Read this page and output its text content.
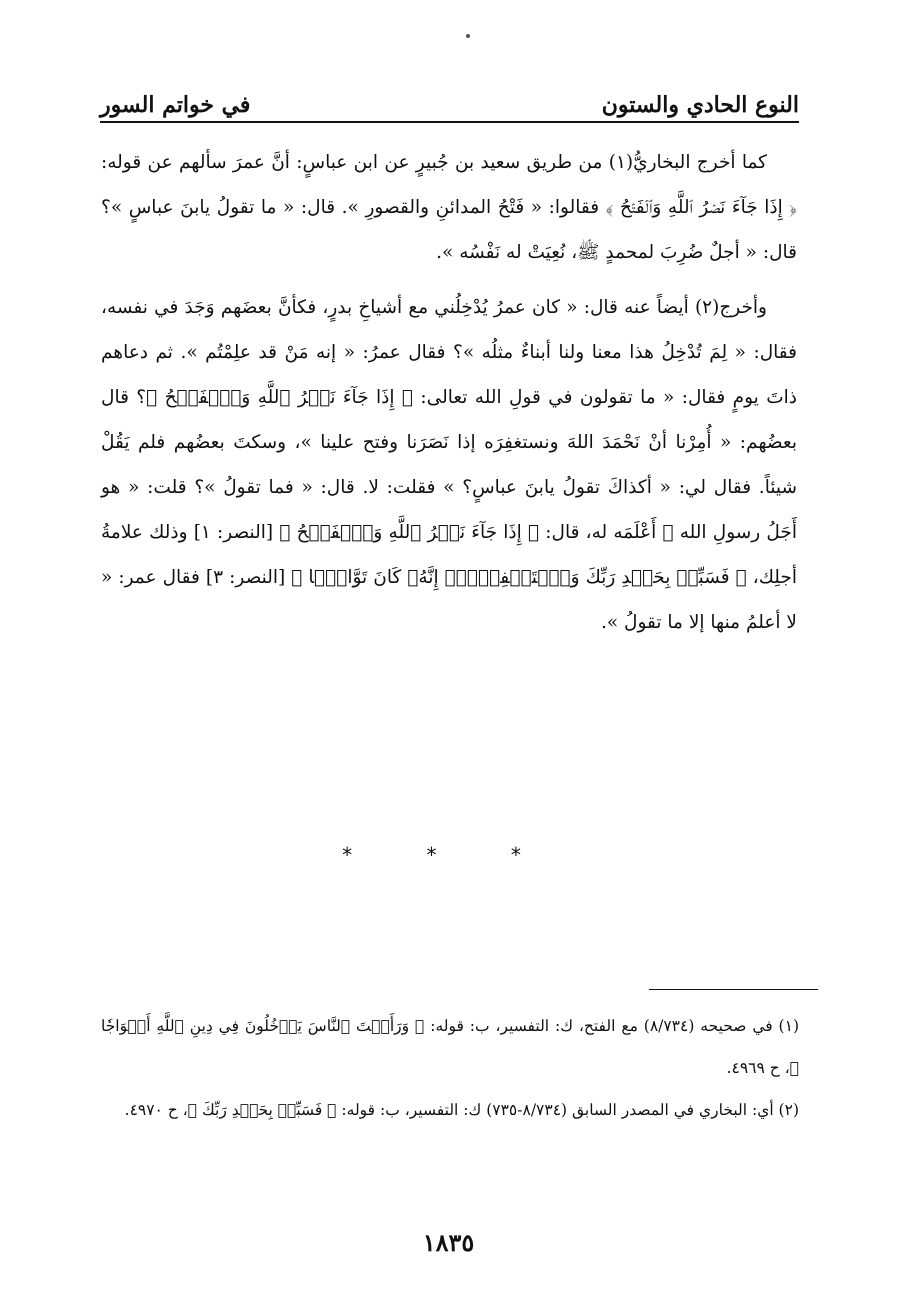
النوع الحادي والستون
في خواتم السور

كما أخرج البخاريُّ(١) من طريق سعيد بن جُبيرٍ عن ابن عباسٍ: أنَّ عمرَ سألهم عن قوله: ﴿ إِذَا جَآءَ نَصۡرُ ٱللَّهِ وَٱلۡفَتۡحُ ﴾ فقالوا: « فَتْحُ المدائنِ والقصورِ ». قال: « ما تقولُ يابنَ عباسٍ »؟ قال: « أجلٌ ضُرِبَ لمحمدٍ ﷺ، نُعِيَتْ له نَفْسُه ».

وأخرج(٢) أيضاً عنه قال: « كان عمرُ يُدْخِلُني مع أشياخِ بدرٍ، فكأنَّ بعضَهم وَجَدَ في نفسه، فقال: « لِمَ تُدْخِلُ هذا معنا ولنا أبناءٌ مثلُه »؟ فقال عمرُ: « إنه مَنْ قد علِمْتُم ». ثم دعاهم ذاتَ يومٍ فقال: « ما تقولون في قولِ الله تعالى: ﴿ إِذَا جَآءَ نَصۡرُ ٱللَّهِ وَٱلۡفَتۡحُ ﴾؟ قال بعضُهم: « أُمِرْنا أنْ نَحْمَدَ اللهَ ونستغفِرَه إذا نَصَرَنا وفتح علينا »، وسكتَ بعضُهم فلم يَقُلْ شيئاً. فقال لي: « أكذاكَ تقولُ يابنَ عباسٍ؟ » فقلت: لا. قال: « فما تقولُ »؟ قلت: « هو أَجَلُ رسولِ الله ﷺ أَعْلَمَه له، قال: ﴿ إِذَا جَآءَ نَصۡرُ ٱللَّهِ وَٱلۡفَتۡحُ ﴾ [النصر: ١] وذلك علامةُ أجلِك، ﴿ فَسَبِّحۡ بِحَمۡدِ رَبِّكَ وَٱسۡتَغۡفِرۡهُۚ إِنَّهُۥ كَانَ تَوَّابَۢا ﴾ [النصر: ٣] فقال عمر: « لا أعلمُ منها إلا ما تقولُ ».

* * *

(١) في صحيحه (٨/٧٣٤) مع الفتح، ك: التفسير، ب: قوله: ﴿ وَرَأَيۡتَ ٱلنَّاسَ يَدۡخُلُونَ فِي دِينِ ٱللَّهِ أَفۡوَاجٗا ﴾، ح ٤٩٦٩.

(٢) أي: البخاري في المصدر السابق (٨/٧٣٤-٧٣٥) ك: التفسير، ب: قوله: ﴿ فَسَبِّحۡ بِحَمۡدِ رَبِّكَ ﴾، ح ٤٩٧٠.

١٨٣٥
